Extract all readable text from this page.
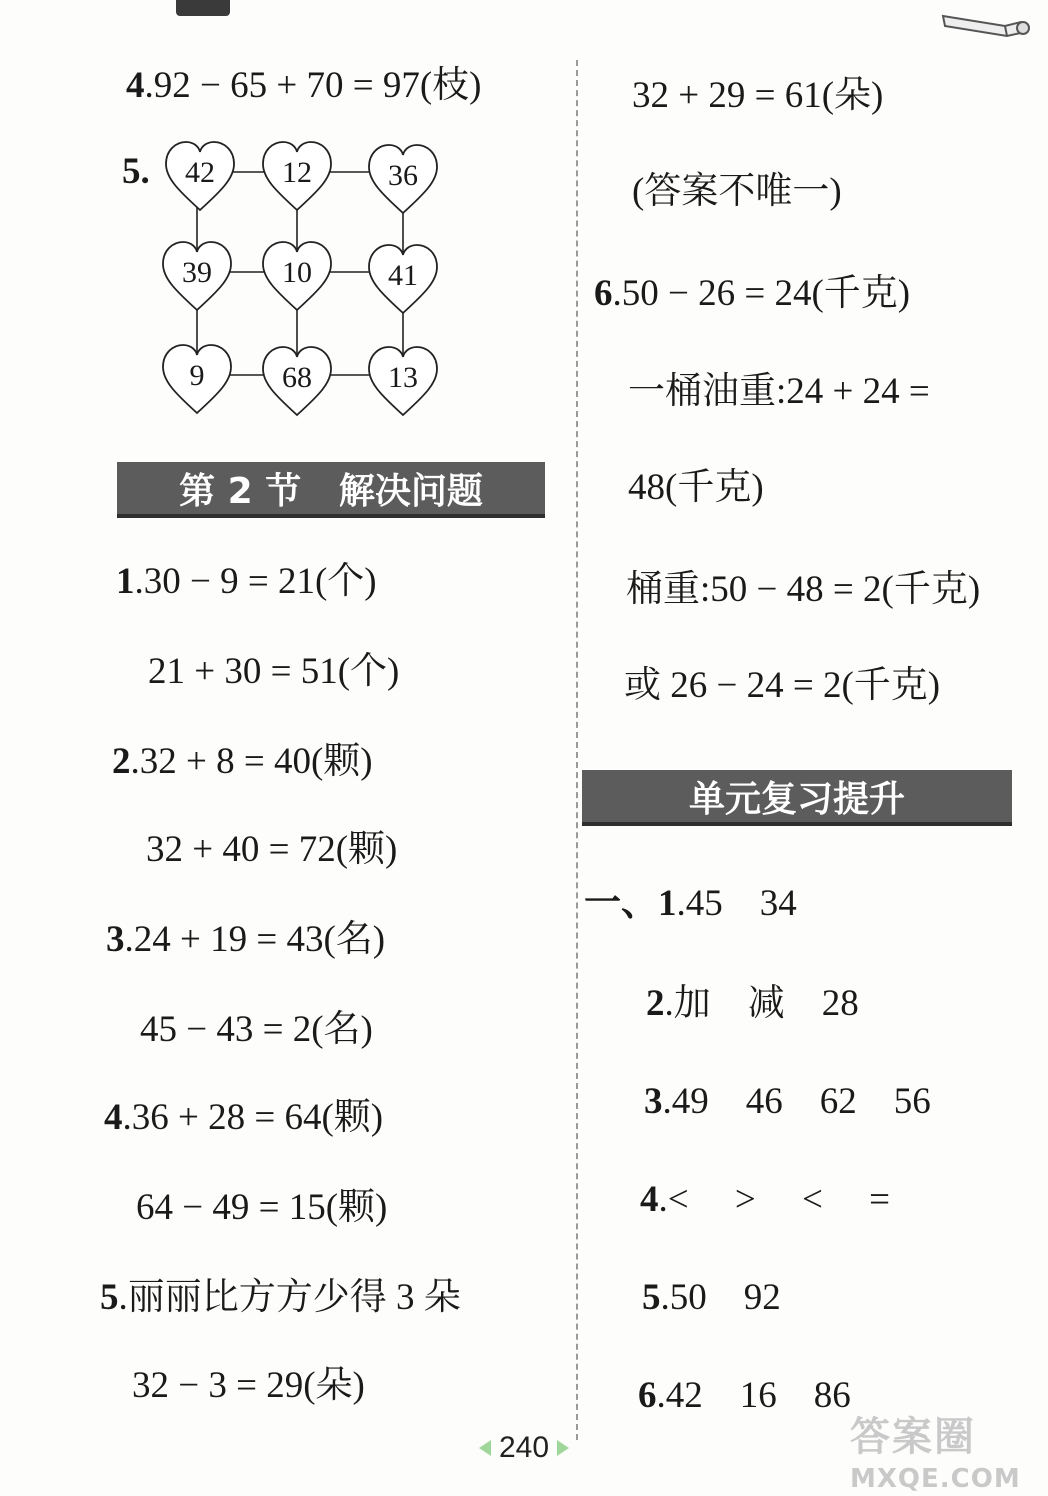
4.92 − 65 + 70 = 97(枝)
5. 42 12	36
39 10	41
9	68	13
第 2 节   解决问题
1.30 − 9 = 21(个)
21 + 30 = 51(个)
2.32 + 8 = 40(颗)
32 + 40 = 72(颗)
3.24 + 19 = 43(名)
45 − 43 = 2(名)
4.36 + 28 = 64(颗)
64 − 49 = 15(颗)
5.丽丽比方方少得 3 朵
32 − 3 = 29(朵)
32 + 29 = 61(朵)
(答案不唯一)
6.50 − 26 = 24(千克)
一桶油重:24 + 24 =
48(千克)
桶重:50 − 48 = 2(千克)
或 26 − 24 = 2(千克)
单元复习提升
一、1.45    34
2.加    减    28
3.49    46    62    56
4.<     >     <     =
5.50    92
6.42    16    86
240	答案圈
MXQE.COM
